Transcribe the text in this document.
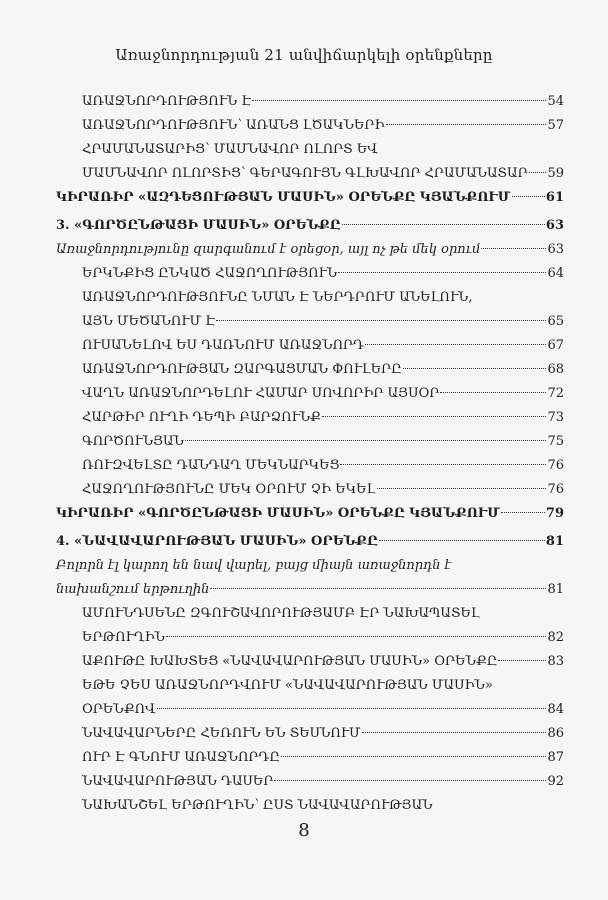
Առաջնորդության 21 անվիճարկելի օրենքները
ԱՌԱՋՆՈՐԴՈՒԹՅՈՒՆ Է	54
ԱՌԱՋՆՈՐԴՈՒԹՅՈՒՆ՝ ԱՌԱՆՑ ԼԾԱԿՆԵՐԻ	57
ՀՐԱՄԱՆԱՏԱՐԻՑ՝ ՄԱՄՆԱՎՈՐ ՈԼՈՐՏ ԵՎ
ՄԱՄՆԱՎՈՐ ՈԼՈՐՏԻՑ՝ ԳԵՐԱԳՈՒՅՆ ԳԼԽԱՎՈՐ ՀՐԱՄԱՆԱՏԱՐ 59
ԿԻՐԱՌԻՐ «ԱԶԴԵՑՈՒԹՅԱՆ ՄԱՍԻՆ» ՕՐԵՆՔԸ ԿՅԱՆՔՈՒՄ	61
3. «ԳՈՐԾԸՆԹԱՑԻ ՄԱՍԻՆ» ՕՐԵՆՔԸ	63
Առաջնորդությունը զարգանում է օրեցօր, այլ ոչ թե մեկ օրում	63
ԵՐԿՆՔԻՑ ԸՆԿԱԾ ՀԱՋՈՂՈՒԹՅՈՒՆ	64
ԱՌԱՋՆՈՐԴՈՒԹՅՈՒՆԸ ՆՄԱՆ Է ՆԵՐԴՐՈՒՄ ԱՆԵԼՈՒՆ,
ԱՅՆ ՄԵԾԱՆՈՒՄ Է	65
ՈՒՍԱՆԵԼՈՎ ԵՍ ԴԱՌՆՈՒՄ ԱՌԱՋՆՈՐԴ	67
ԱՌԱՋՆՈՐԴՈՒԹՅԱՆ ԶԱՐԳԱՑՄԱՆ ՓՈՒԼԵՐԸ	68
ՎԱՂՆ ԱՌԱՋՆՈՐԴԵԼՈՒ ՀԱՄԱՐ ՍՈՎՈՐԻՐ ԱՅՍՕՐ	72
ՀԱՐԹԻՐ ՈՒՂԻ ԴԵՊԻ ԲԱՐՁՈՒՆՔ	73
ԳՈՐԾՈՒՆՅԱՆ	75
ՌՈՒԶՎԵԼՏԸ ԴԱՆԴԱՂ ՄԵԿՆԱՐԿԵՑ	76
ՀԱՋՈՂՈՒԹՅՈՒՆԸ ՄԵԿ ՕՐՈՒՄ ՉԻ ԵԿԵԼ	76
ԿԻՐԱՌԻՐ «ԳՈՐԾԸՆԹԱՑԻ ՄԱՍԻՆ» ՕՐԵՆՔԸ ԿՅԱՆՔՈՒՄ	79
4. «ՆԱՎԱՎԱՐՈՒԹՅԱՆ ՄԱՍԻՆ» ՕՐԵՆՔԸ	81
Բոլորն էլ կարող են նավ վարել, բայց միայն առաջնորդն է
նախանշում երթուղին	81
ԱՄՈՒՆԴՍԵՆԸ ԶԳՈՒՇԱՎՈՐՈՒԹՅԱՄԲ ԷՐ ՆԱԽԱՊԱՏԵԼ
ԵՐԹՈՒՂԻՆ	82
ԱՔՈՒԹԸ ԽԱԽՏԵՑ «ՆԱՎԱՎԱՐՈՒԹՅԱՆ ՄԱՍԻՆ» ՕՐԵՆՔԸ	83
ԵԹԵ ՉԵՍ ԱՌԱՋՆՈՐԴՎՈՒՄ «ՆԱՎԱՎԱՐՈՒԹՅԱՆ ՄԱՍԻՆ»
ՕՐԵՆՔՈՎ	84
ՆԱՎԱՎԱՐՆԵՐԸ ՀԵՌՈՒՆ ԵՆ ՏԵՍՆՈՒՄ	86
ՈՒՐ Է ԳՆՈՒՄ ԱՌԱՋՆՈՐԴԸ	87
ՆԱՎԱՎԱՐՈՒԹՅԱՆ ԴԱՍԵՐ	92
ՆԱԽԱՆՇԵԼ ԵՐԹՈՒՂԻՆ՝ ԸՍՏ ՆԱՎԱՎԱՐՈՒԹՅԱՆ
8
